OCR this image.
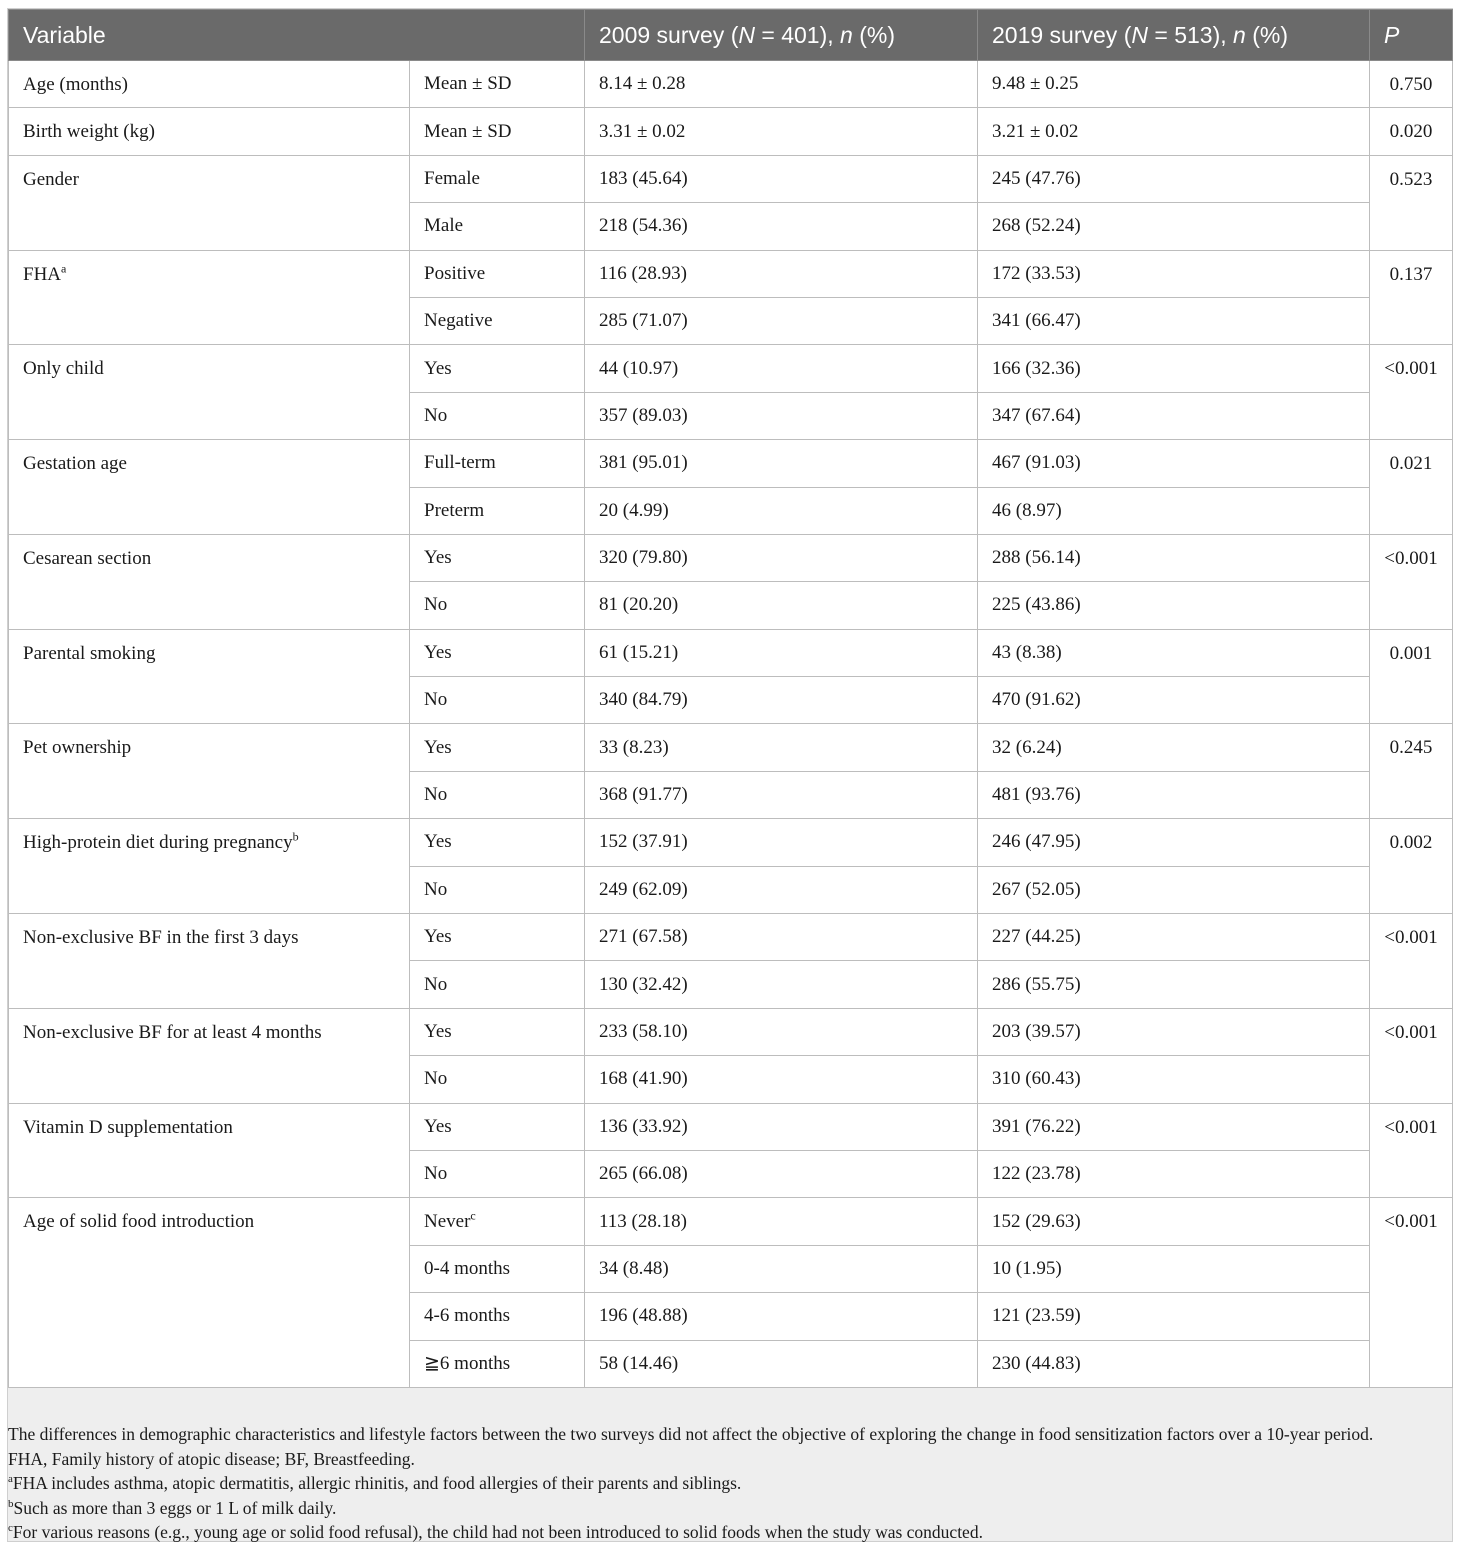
Variable		2009 survey (N = 401), n (%)	2019 survey (N = 513), n (%)	P
Age (months)	Mean ± SD	8.14 ± 0.28	9.48 ± 0.25	0.750
Birth weight (kg)	Mean ± SD	3.31 ± 0.02	3.21 ± 0.02	0.020
Gender	Female	183 (45.64)	245 (47.76)	0.523
	Male	218 (54.36)	268 (52.24)	
FHA$^a$	Positive	116 (28.93)	172 (33.53)	0.137
	Negative	285 (71.07)	341 (66.47)	
Only child	Yes	44 (10.97)	166 (32.36)	<0.001
	No	357 (89.03)	347 (67.64)	
Gestation age	Full-term	381 (95.01)	467 (91.03)	0.021
	Preterm	20 (4.99)	46 (8.97)	
Cesarean section	Yes	320 (79.80)	288 (56.14)	<0.001
	No	81 (20.20)	225 (43.86)	
Parental smoking	Yes	61 (15.21)	43 (8.38)	0.001
	No	340 (84.79)	470 (91.62)	
Pet ownership	Yes	33 (8.23)	32 (6.24)	0.245
	No	368 (91.77)	481 (93.76)	
High-protein diet during pregnancy$^b$	Yes	152 (37.91)	246 (47.95)	0.002
	No	249 (62.09)	267 (52.05)	
Non-exclusive BF in the first 3 days	Yes	271 (67.58)	227 (44.25)	<0.001
	No	130 (32.42)	286 (55.75)	
Non-exclusive BF for at least 4 months	Yes	233 (58.10)	203 (39.57)	<0.001
	No	168 (41.90)	310 (60.43)	
Vitamin D supplementation	Yes	136 (33.92)	391 (76.22)	<0.001
	No	265 (66.08)	122 (23.78)	
Age of solid food introduction	Never$^c$	113 (28.18)	152 (29.63)	<0.001
	0-4 months	34 (8.48)	10 (1.95)	
	4-6 months	196 (48.88)	121 (23.59)	
	≧6 months	58 (14.46)	230 (44.83)	
The differences in demographic characteristics and lifestyle factors between the two surveys did not affect the objective of exploring the change in food sensitization factors over a 10-year period.
FHA, Family history of atopic disease; BF, Breastfeeding.
$^a$FHA includes asthma, atopic dermatitis, allergic rhinitis, and food allergies of their parents and siblings.
$^b$Such as more than 3 eggs or 1 L of milk daily.
$^c$For various reasons (e.g., young age or solid food refusal), the child had not been introduced to solid foods when the study was conducted.
